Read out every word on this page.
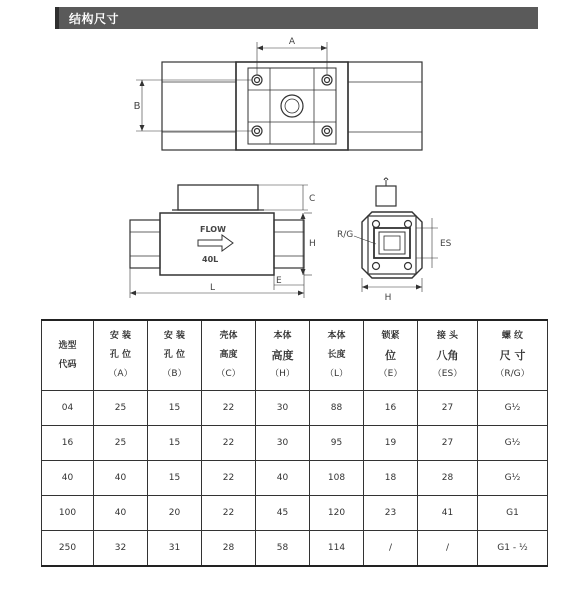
结构尺寸
A
B
C
H
E
L
FLOW
40L
R/G
ES
H
选型
代码	安 装
孔 位
（A）	安 装
孔 位
（B）	壳体
高度
（C）	本体
高度
（H）	本体
长度
（L）	锁紧
位
（E）	接 头
八角
（ES）	螺 纹
尺 寸
（R/G）

04	25	15	22	30	88	16	27	G½
16	25	15	22	30	95	19	27	G½
40	40	15	22	40	108	18	28	G½
100	40	20	22	45	120	23	41	G1
250	32	31	28	58	114	/	/	G1 - ½
